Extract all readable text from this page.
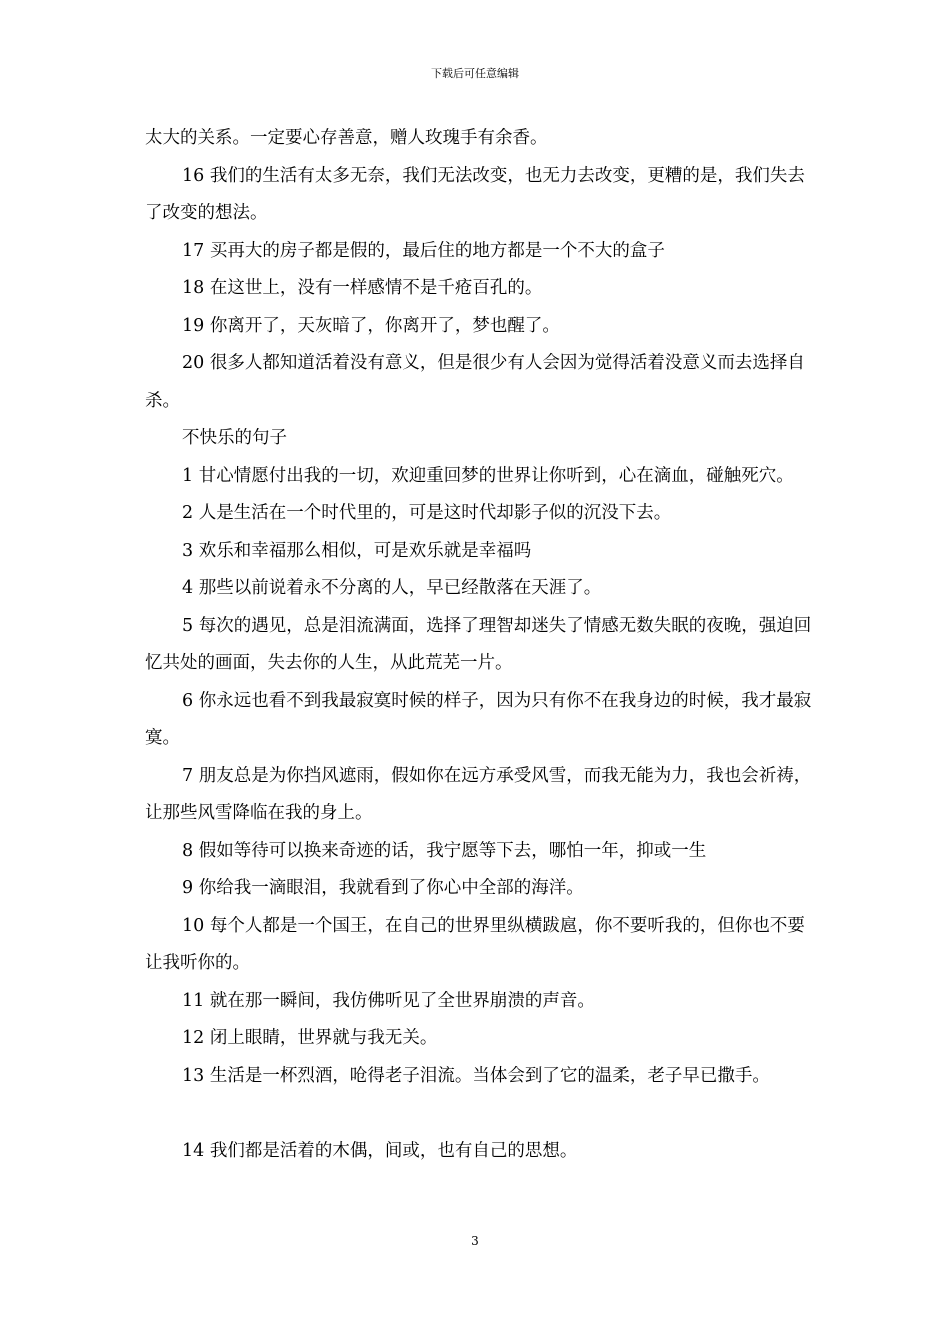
下载后可任意编辑

太大的关系。一定要心存善意，赠人玫瑰手有余香。

16 我们的生活有太多无奈，我们无法改变，也无力去改变，更糟的是，我们失去了改变的想法。

17 买再大的房子都是假的，最后住的地方都是一个不大的盒子

18 在这世上，没有一样感情不是千疮百孔的。

19 你离开了，天灰暗了，你离开了，梦也醒了。

20 很多人都知道活着没有意义，但是很少有人会因为觉得活着没意义而去选择自杀。

不快乐的句子

1 甘心情愿付出我的一切，欢迎重回梦的世界让你听到，心在滴血，碰触死穴。

2 人是生活在一个时代里的，可是这时代却影子似的沉没下去。

3 欢乐和幸福那么相似，可是欢乐就是幸福吗

4 那些以前说着永不分离的人，早已经散落在天涯了。

5 每次的遇见，总是泪流满面，选择了理智却迷失了情感无数失眠的夜晚，强迫回忆共处的画面，失去你的人生，从此荒芜一片。

6 你永远也看不到我最寂寞时候的样子，因为只有你不在我身边的时候，我才最寂寞。

7 朋友总是为你挡风遮雨，假如你在远方承受风雪，而我无能为力，我也会祈祷，让那些风雪降临在我的身上。

8 假如等待可以换来奇迹的话，我宁愿等下去，哪怕一年，抑或一生

9 你给我一滴眼泪，我就看到了你心中全部的海洋。

10 每个人都是一个国王，在自己的世界里纵横跋扈，你不要听我的，但你也不要让我听你的。

11 就在那一瞬间，我仿佛听见了全世界崩溃的声音。

12 闭上眼睛，世界就与我无关。

13 生活是一杯烈酒，呛得老子泪流。当体会到了它的温柔，老子早已撒手。

14 我们都是活着的木偶，间或，也有自己的思想。

3
